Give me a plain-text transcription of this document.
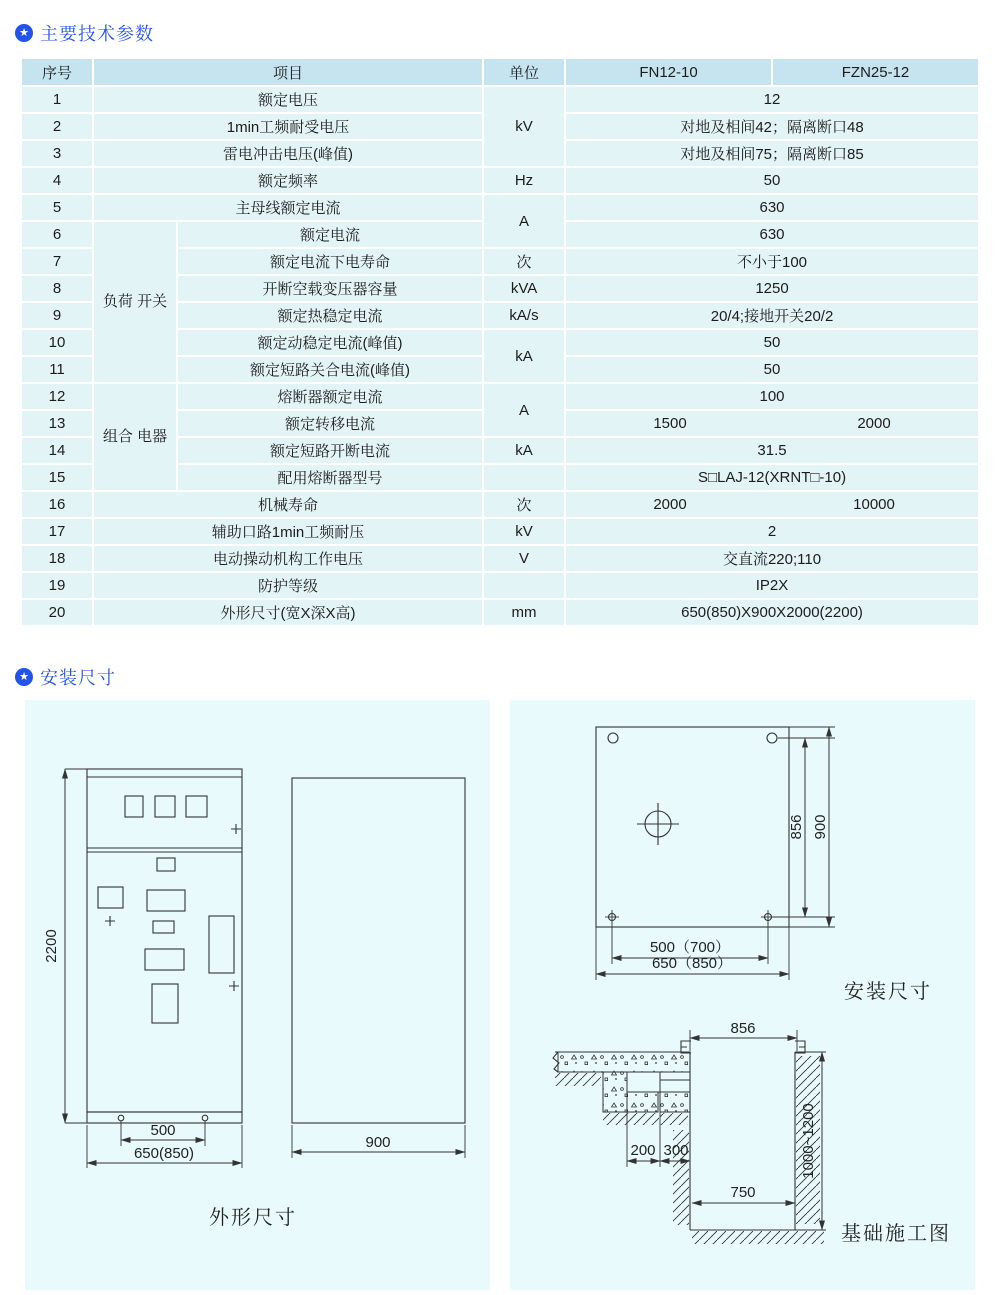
★ 主要技术参数
序号	项目		单位	FN12-10	FZN25-12
1	额定电压		kV	12	
2	1min工频耐受电压			对地及相间42；隔离断口48	
3	雷电冲击电压(峰值)			对地及相间75；隔离断口85	
4	额定频率		Hz	50	
5	主母线额定电流		A	630	
6	负荷 开关	额定电流		630	
7		额定电流下电寿命	次	不小于100	
8		开断空载变压器容量	kVA	1250	
9		额定热稳定电流	kA/s	20/4;接地开关20/2	
10		额定动稳定电流(峰值)	kA	50	
11		额定短路关合电流(峰值)		50	
12	组合 电器	熔断器额定电流	A	100	
13		额定转移电流		1500 2000	

14		额定短路开断电流	kA	31.5	
15		配用熔断器型号		S□LAJ-12(XRNT□-10)	
16	机械寿命		次	2000 10000	

17	辅助口路1min工频耐压		kV	2	
18	电动操动机构工作电压		V	交直流220;110	
19	防护等级			IP2X	
20	外形尺寸(宽X深X高)		mm	650(850)X900X2000(2200)	
★ 安装尺寸
2200
500
650(850)
900
外形尺寸
856 900
500（700）
650（850）
安装尺寸
856
200 300
750
1000~1200
基础施工图
